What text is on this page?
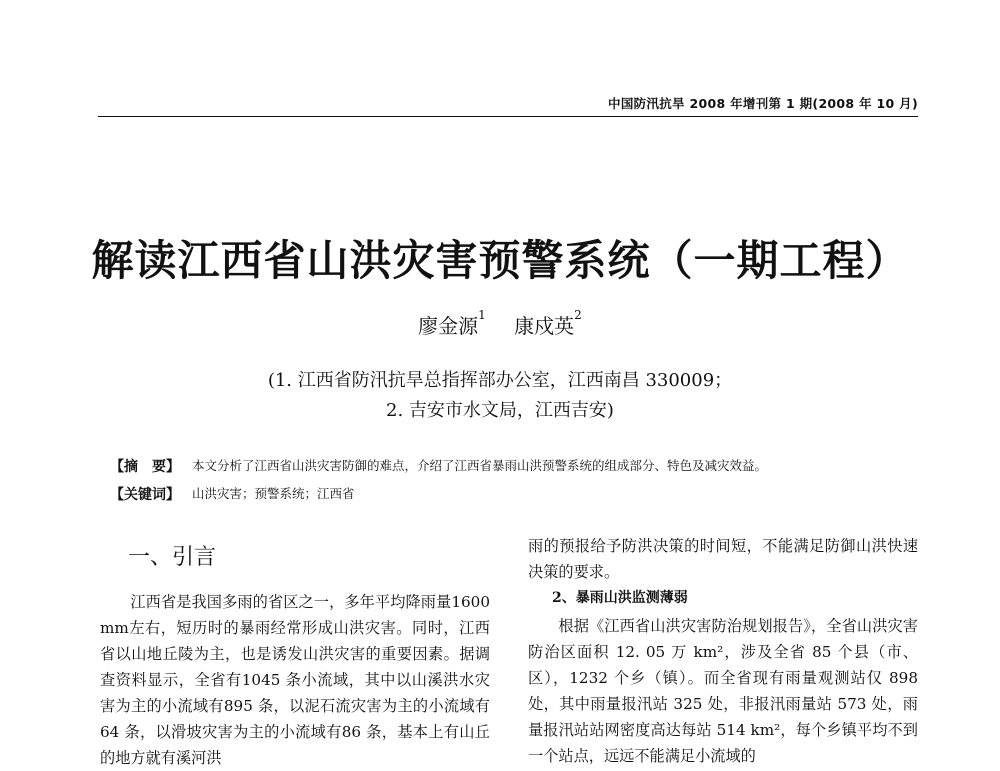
中国防汛抗旱 2008 年增刊第 1 期(2008 年 10 月)
解读江西省山洪灾害预警系统（一期工程）
廖金源$^1$ 康戍英$^2$
(1. 江西省防汛抗旱总指挥部办公室，江西南昌 330009；
2. 吉安市水文局，江西吉安)
【摘　要】 本文分析了江西省山洪灾害防御的难点，介绍了江西省暴雨山洪预警系统的组成部分、特色及减灾效益。
【关键词】 山洪灾害；预警系统；江西省
一、引言

江西省是我国多雨的省区之一，多年平均降雨量1600 mm左右，短历时的暴雨经常形成山洪灾害。同时，江西省以山地丘陵为主，也是诱发山洪灾害的重要因素。据调查资料显示，全省有1045 条小流域，其中以山溪洪水灾害为主的小流域有895 条，以泥石流灾害为主的小流域有 64 条，以滑坡灾害为主的小流域有86 条，基本上有山丘的地方就有溪河洪

雨的预报给予防洪决策的时间短，不能满足防御山洪快速决策的要求。

2、暴雨山洪监测薄弱

根据《江西省山洪灾害防治规划报告》，全省山洪灾害防治区面积 12. 05 万 km²，涉及全省 85 个县（市、区），1232 个乡（镇）。而全省现有雨量观测站仅 898 处，其中雨量报汛站 325 处，非报汛雨量站 573 处，雨量报汛站站网密度高达每站 514 km²，每个乡镇平均不到一个站点，远远不能满足小流域的
